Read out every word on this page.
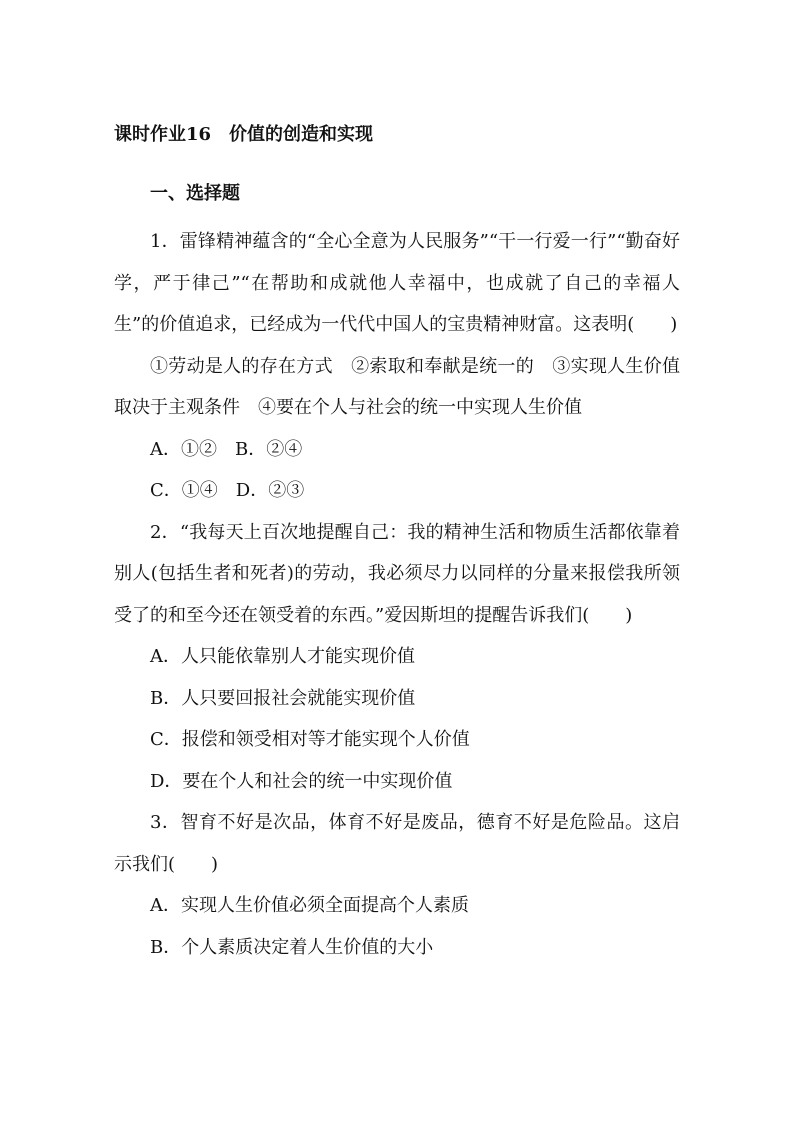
课时作业16　价值的创造和实现
一、选择题

1．雷锋精神蕴含的“全心全意为人民服务”“干一行爱一行”“勤奋好学，严于律己”“在帮助和成就他人幸福中，也成就了自己的幸福人生”的价值追求，已经成为一代代中国人的宝贵精神财富。这表明(　　)

①劳动是人的存在方式　②索取和奉献是统一的　③实现人生价值取决于主观条件　④要在个人与社会的统一中实现人生价值

A．①② B．②④

C．①④ D．②③

2．“我每天上百次地提醒自己：我的精神生活和物质生活都依靠着别人(包括生者和死者)的劳动，我必须尽力以同样的分量来报偿我所领受了的和至今还在领受着的东西。”爱因斯坦的提醒告诉我们(　　)

A．人只能依靠别人才能实现价值

B．人只要回报社会就能实现价值

C．报偿和领受相对等才能实现个人价值

D．要在个人和社会的统一中实现价值

3．智育不好是次品，体育不好是废品，德育不好是危险品。这启示我们(　　)

A．实现人生价值必须全面提高个人素质

B．个人素质决定着人生价值的大小
